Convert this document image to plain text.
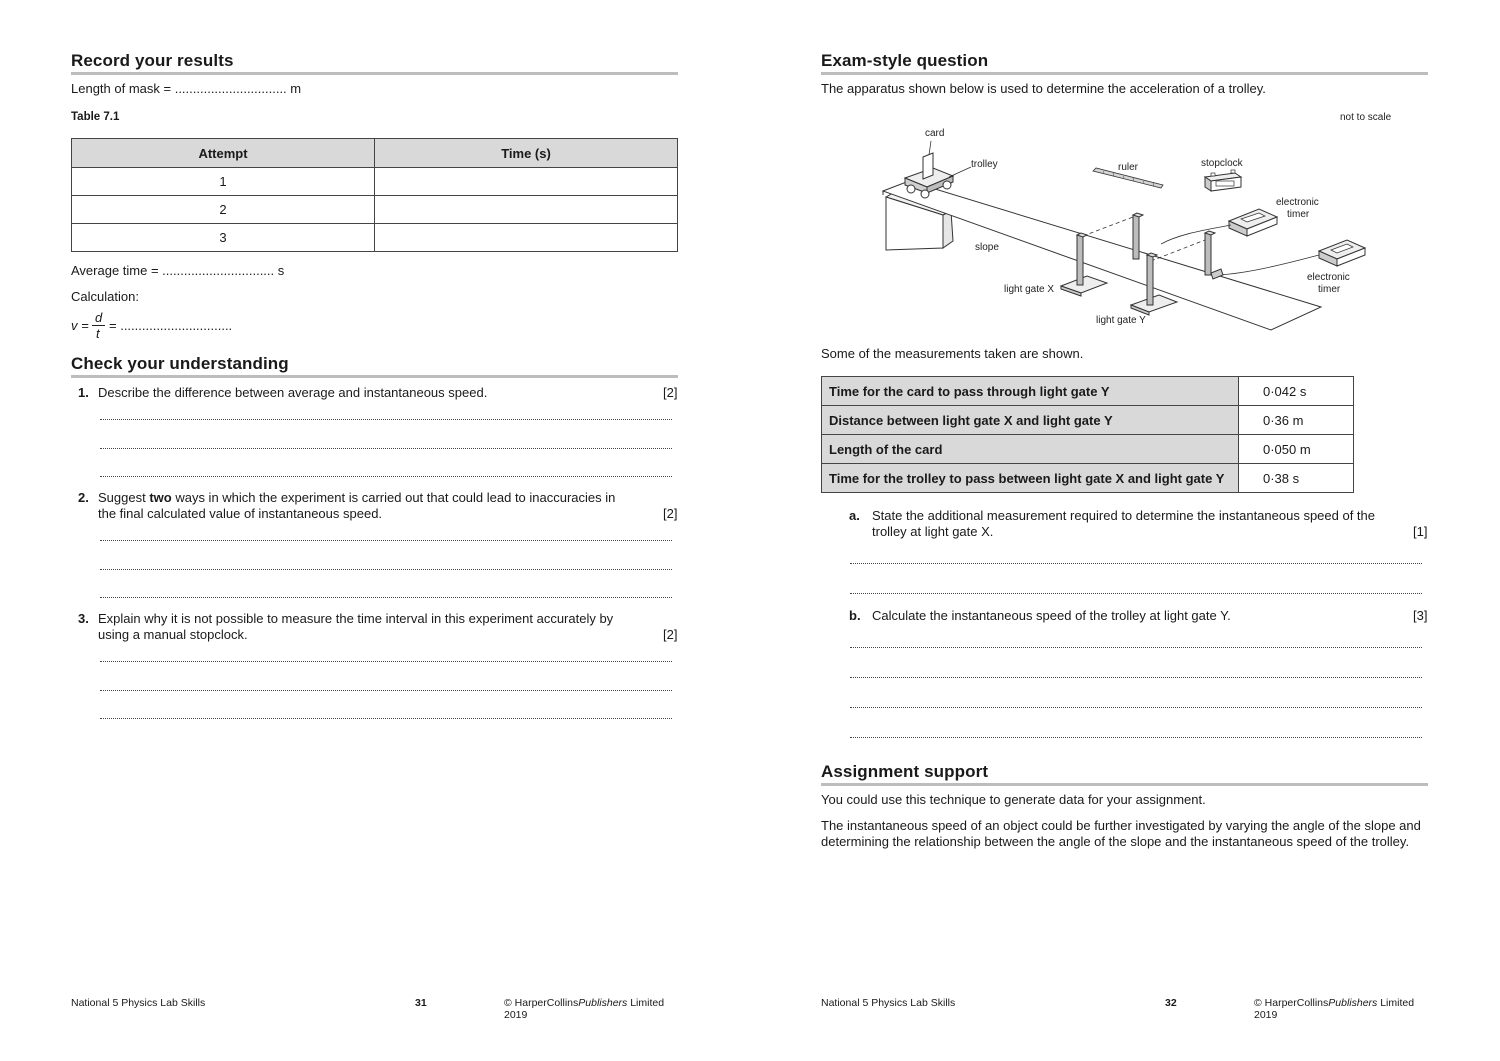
Record your results
Length of mask = ............................... m
Table 7.1
Attempt	Time (s)
1	
2	
3	
Average time = ............................... s
Calculation:
v =
d
t
= ...............................
Check your understanding
1. Describe the difference between average and instantaneous speed.	[2]
2. Suggest two ways in which the experiment is carried out that could lead to inaccuracies in
the final calculated value of instantaneous speed.	[2]
3. Explain why it is not possible to measure the time interval in this experiment accurately by
using a manual stopclock.	[2]
National 5 Physics Lab Skills	31	© HarperCollinsPublishers Limited 2019
Exam-style question
The apparatus shown below is used to determine the acceleration of a trolley.
not to scale
card
trolley	ruler	stopclock
electronic
timer
electronic
timer
slope
light gate X
light gate Y
Some of the measurements taken are shown.
Time for the card to pass through light gate Y	0·042 s
Distance between light gate X and light gate Y	0·36 m
Length of the card	0·050 m
Time for the trolley to pass between light gate X and light gate Y	0·38 s
a. State the additional measurement required to determine the instantaneous speed of the
trolley at light gate X.	[1]
b. Calculate the instantaneous speed of the trolley at light gate Y.	[3]
Assignment support
You could use this technique to generate data for your assignment.
The instantaneous speed of an object could be further investigated by varying the angle of the slope and
determining the relationship between the angle of the slope and the instantaneous speed of the trolley.
National 5 Physics Lab Skills	32	© HarperCollinsPublishers Limited 2019
